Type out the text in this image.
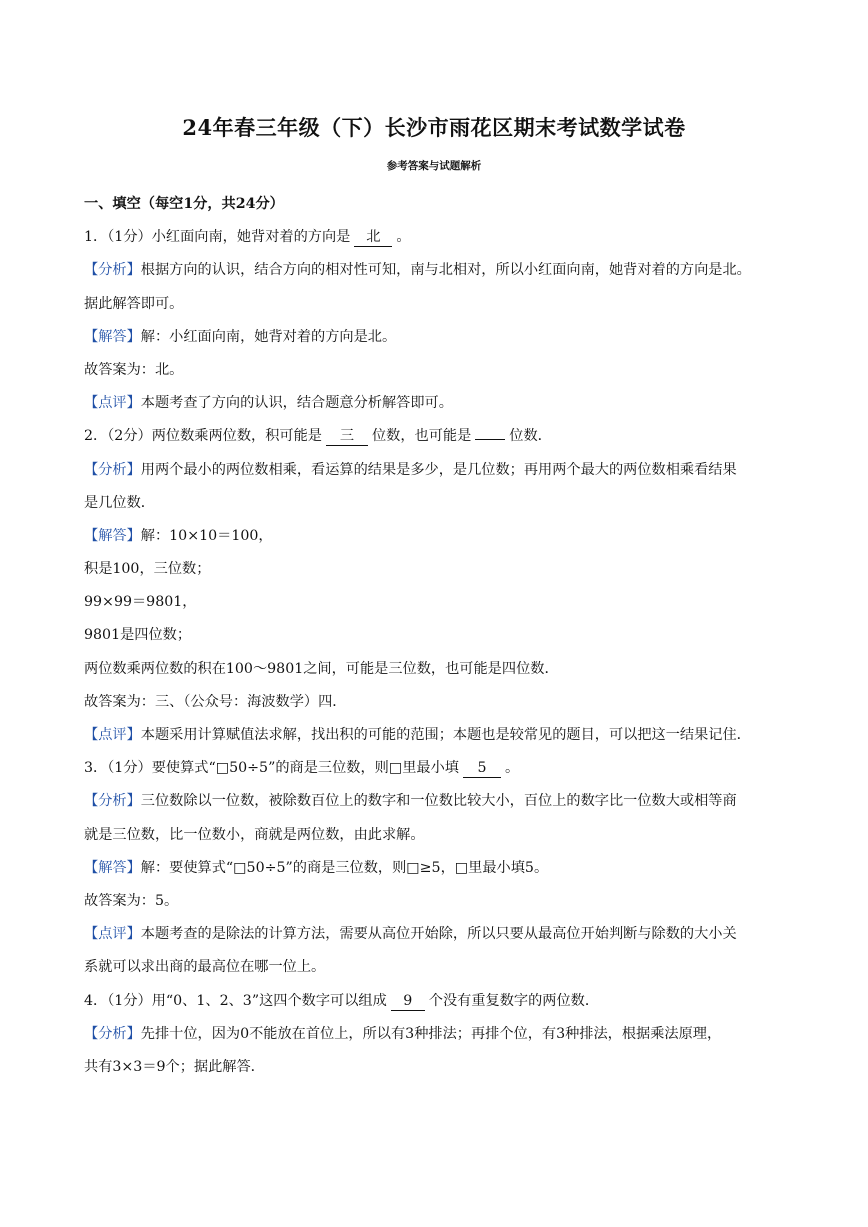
24年春三年级（下）长沙市雨花区期末考试数学试卷
参考答案与试题解析
一、填空（每空1分，共24分）
1．（1分）小红面向南，她背对着的方向是 北 。
【分析】根据方向的认识，结合方向的相对性可知，南与北相对，所以小红面向南，她背对着的方向是北。
据此解答即可。
【解答】解：小红面向南，她背对着的方向是北。
故答案为：北。
【点评】本题考查了方向的认识，结合题意分析解答即可。
2．（2分）两位数乘两位数，积可能是 三 位数，也可能是	位数．
【分析】用两个最小的两位数相乘，看运算的结果是多少，是几位数；再用两个最大的两位数相乘看结果
是几位数．
【解答】解：10×10＝100，
积是100，三位数；
99×99＝9801，
9801是四位数；
两位数乘两位数的积在100～9801之间，可能是三位数，也可能是四位数．
故答案为：三、（公众号：海波数学）四．
【点评】本题采用计算赋值法求解，找出积的可能的范围；本题也是较常见的题目，可以把这一结果记住．
3．（1分）要使算式“□50÷5”的商是三位数，则□里最小填 5 。
【分析】三位数除以一位数，被除数百位上的数字和一位数比较大小，百位上的数字比一位数大或相等商
就是三位数，比一位数小，商就是两位数，由此求解。
【解答】解：要使算式“□50÷5”的商是三位数，则□≥5，□里最小填5。
故答案为：5。
【点评】本题考查的是除法的计算方法，需要从高位开始除，所以只要从最高位开始判断与除数的大小关
系就可以求出商的最高位在哪一位上。
4．（1分）用“0、1、2、3”这四个数字可以组成 9 个没有重复数字的两位数．
【分析】先排十位，因为0不能放在首位上，所以有3种排法；再排个位，有3种排法，根据乘法原理，
共有3×3＝9个；据此解答．
